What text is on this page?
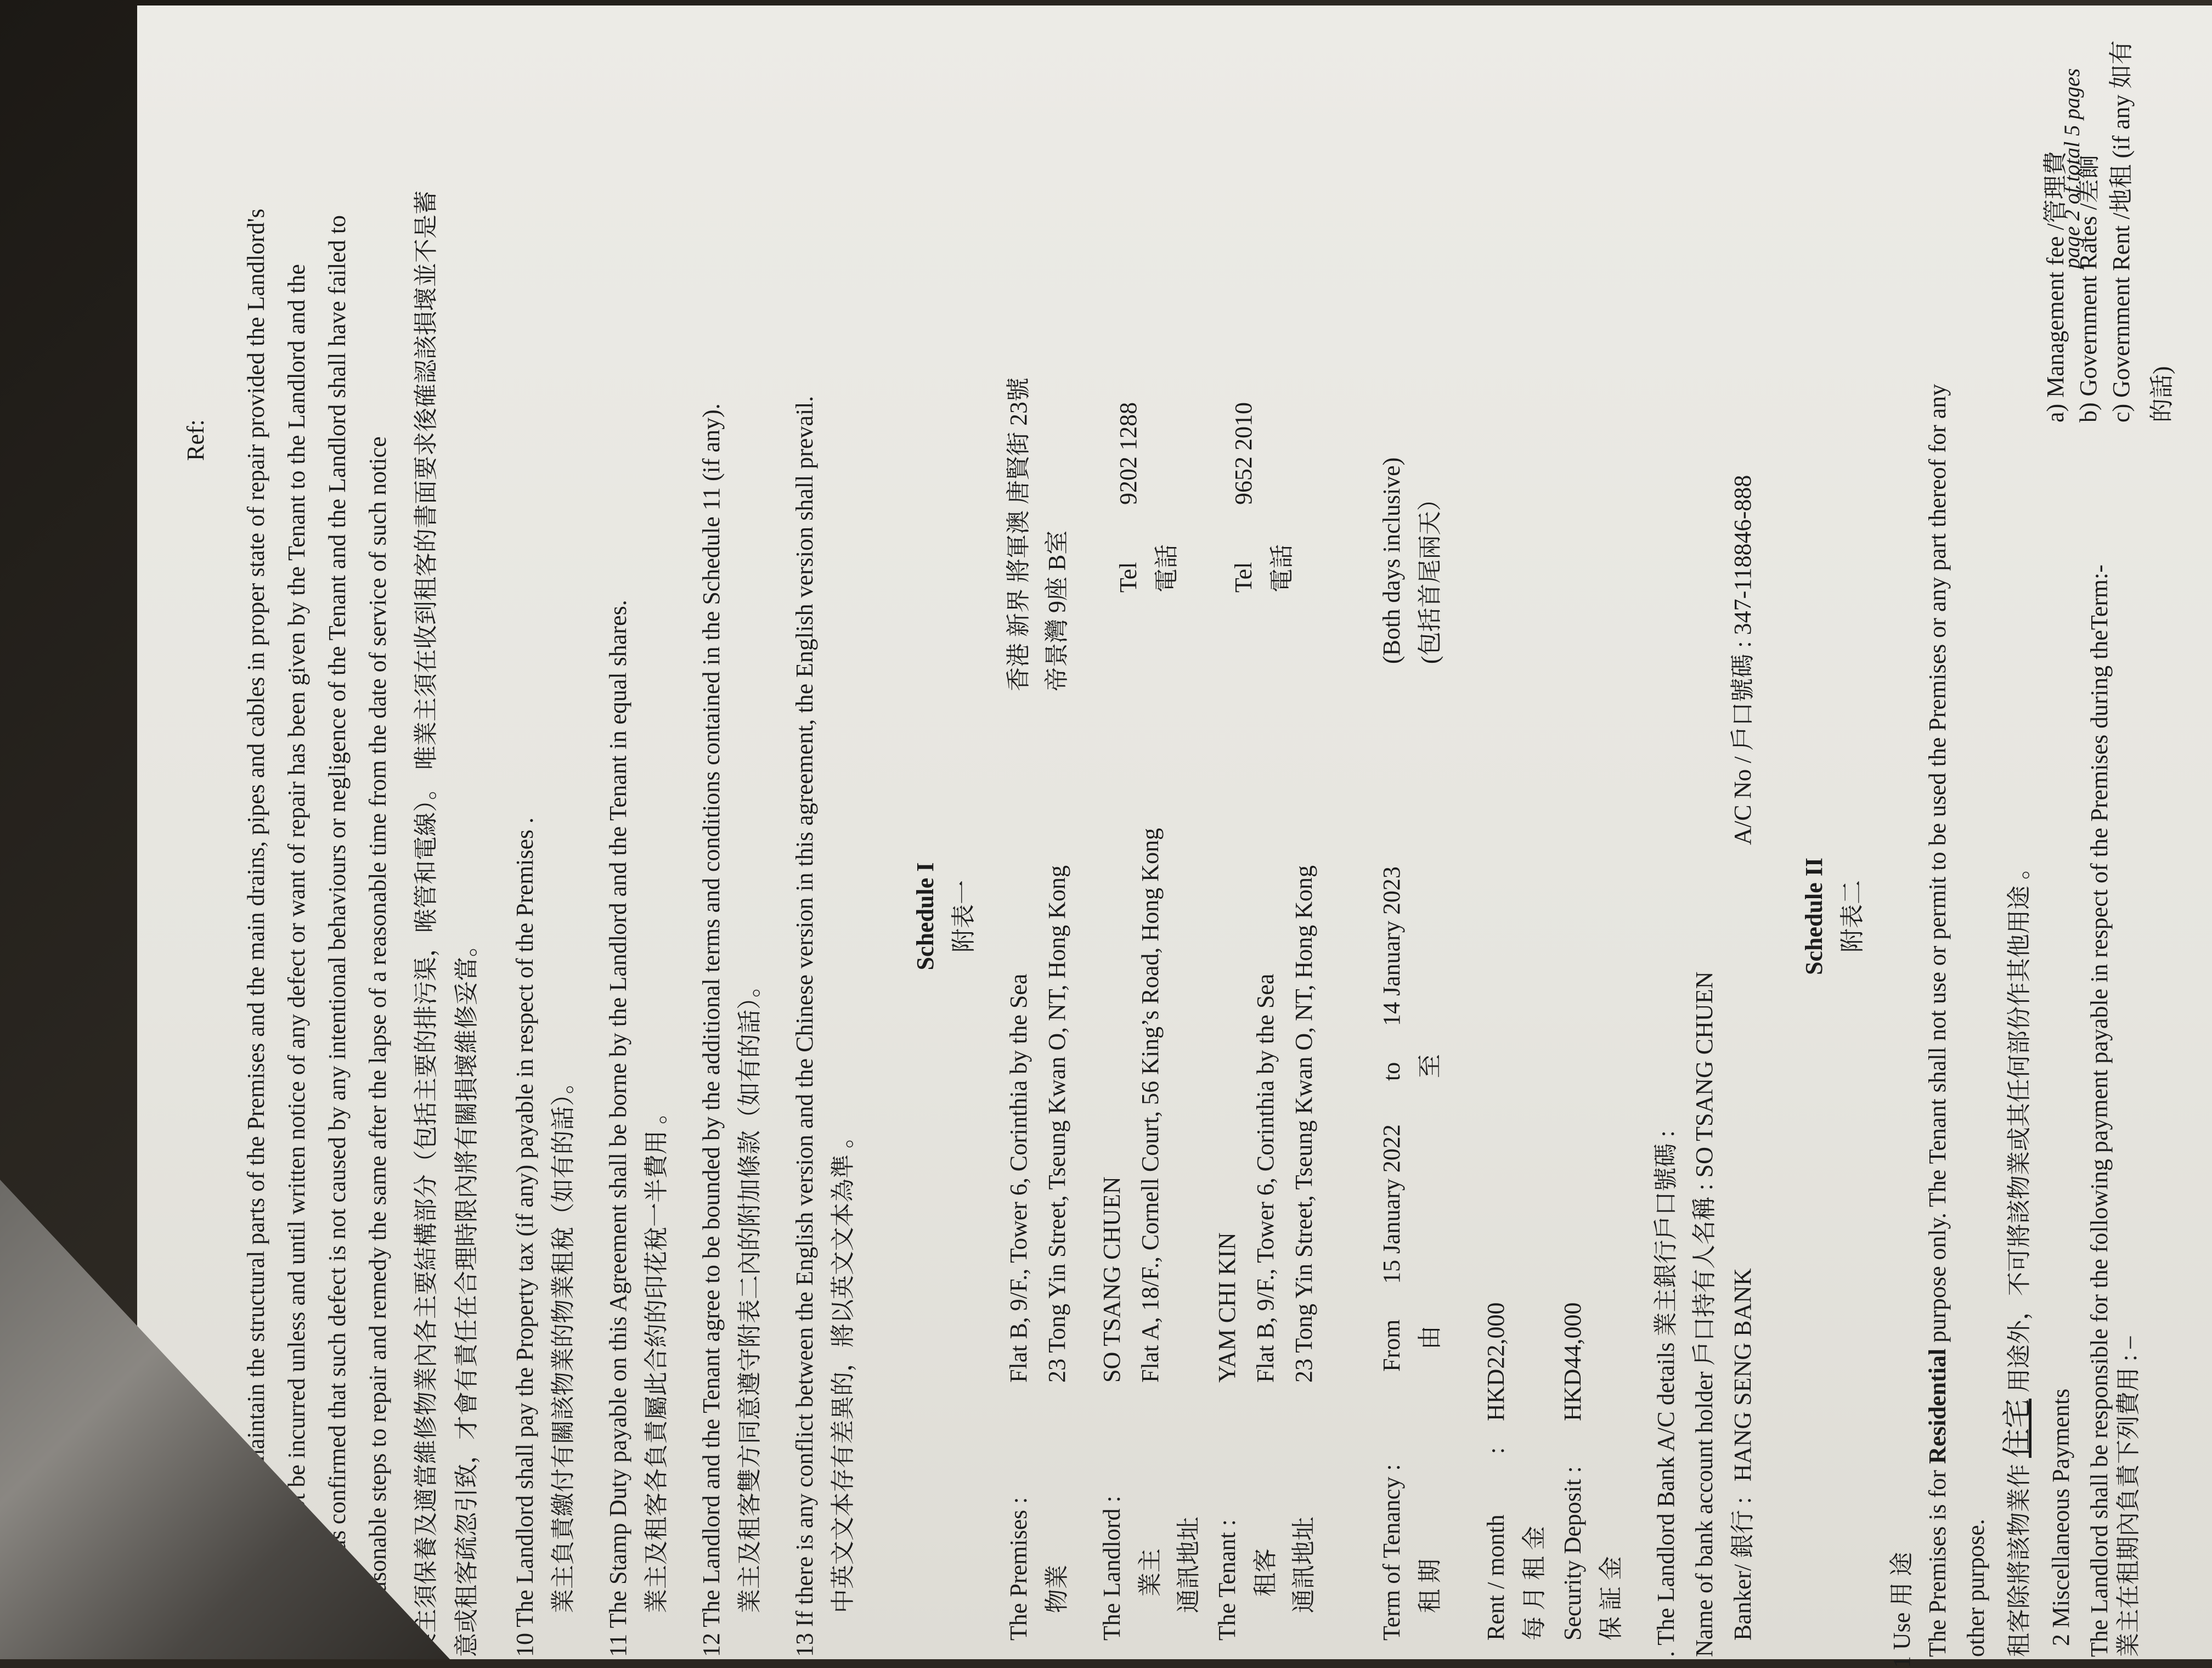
Ref: lord shall keep and maintain the structural parts of the Premises and the main drains, pipes and cables in proper state of repair provided the Landlord's liability shall not be incurred unless and until written notice of any defect or want of repair has been given by the Tenant to the Landlord and the Landlord has confirmed that such defect is not caused by any intentional behaviours or negligence of the Tenant and the Landlord shall have failed to take reasonable steps to repair and remedy the same after the lapse of a reasonable time from the date of service of such notice 業主須保養及適當維修物業內各主要結構部分（包括主要的排污渠，喉管和電線）。 唯業主須在收到租客的書面要求後確認該損壞並不是蓄意或租客疏忽引致，才會有責任在合理時限內將有關損壞維修妥當。 10 The Landlord shall pay the Property tax (if any) payable in respect of the Premises . 業主負責繳付有關該物業的物業租稅（如有的話）。 11 The Stamp Duty payable on this Agreement shall be borne by the Landlord and the Tenant in equal shares. 業主及租客各負責屬此合約的印花稅一半費用 。 12 The Landlord and the Tenant agree to be bounded by the additional terms and conditions contained in the Schedule 11 (if any). 業主及租客雙方同意遵守附表二內的附加條款（如有的話）。 13 If there is any conflict between the English version and the Chinese version in this agreement, the English version shall prevail. 中英文文本存有差異的，將以英文文本為準 。

Schedule I 附表一
The Premises : 物業
Flat B, 9/F., Tower 6, Corinthia by the Sea 23 Tong Yin Street, Tseung Kwan O, NT, Hong Kong
香港 新界 將軍澳 唐賢街 23號 帝景灣 9座 B室
The Landlord : 業主 通訊地址
SO TSANG CHUEN Flat A, 18/F., Cornell Court, 56 King’s Road, Hong Kong
Tel 電話
9202 1288
The Tenant : 租客 通訊地址
YAM CHI KIN Flat B, 9/F., Tower 6, Corinthia by the Sea 23 Tong Yin Street, Tseung Kwan O, NT, Hong Kong
Tel 電話
9652 2010
Term of Tenancy : 租 期
From 由
15 January 2022
to 至
14 January 2023
(Both days inclusive) (包括首尾兩天）
Rent / month 每 月 租 金
:
HKD22,000
Security Deposit : 保 証 金
HKD44,000	. The Landlord Bank A/C details 業主銀行戶口號碼 : Name of bank account holder 戶口持有人名稱 : SO TSANG CHUEN Banker/ 銀行 :
HANG SENG BANK
A/C No / 戶口號碼 : 347-118846-888
Schedule II 附表二
1 Use 用 途 The Premises is for Residential purpose only. The Tenant shall not use or permit to be used the Premises or any part thereof for any
other purpose. 租客除將該物業作 住宅 用途外，不可將該物業或其任何部份作其他用途 。
2 Miscellaneous Payments The Landlord shall be responsible for the following payment payable in respect of the Premises during theTerm:- 業主在租期內負責下列費用 : –
page 2 of total 5 pages
a) Management fee /管理費 b) Government Rates /差餉 c) Government Rent /地租 (if any 如有的話)
